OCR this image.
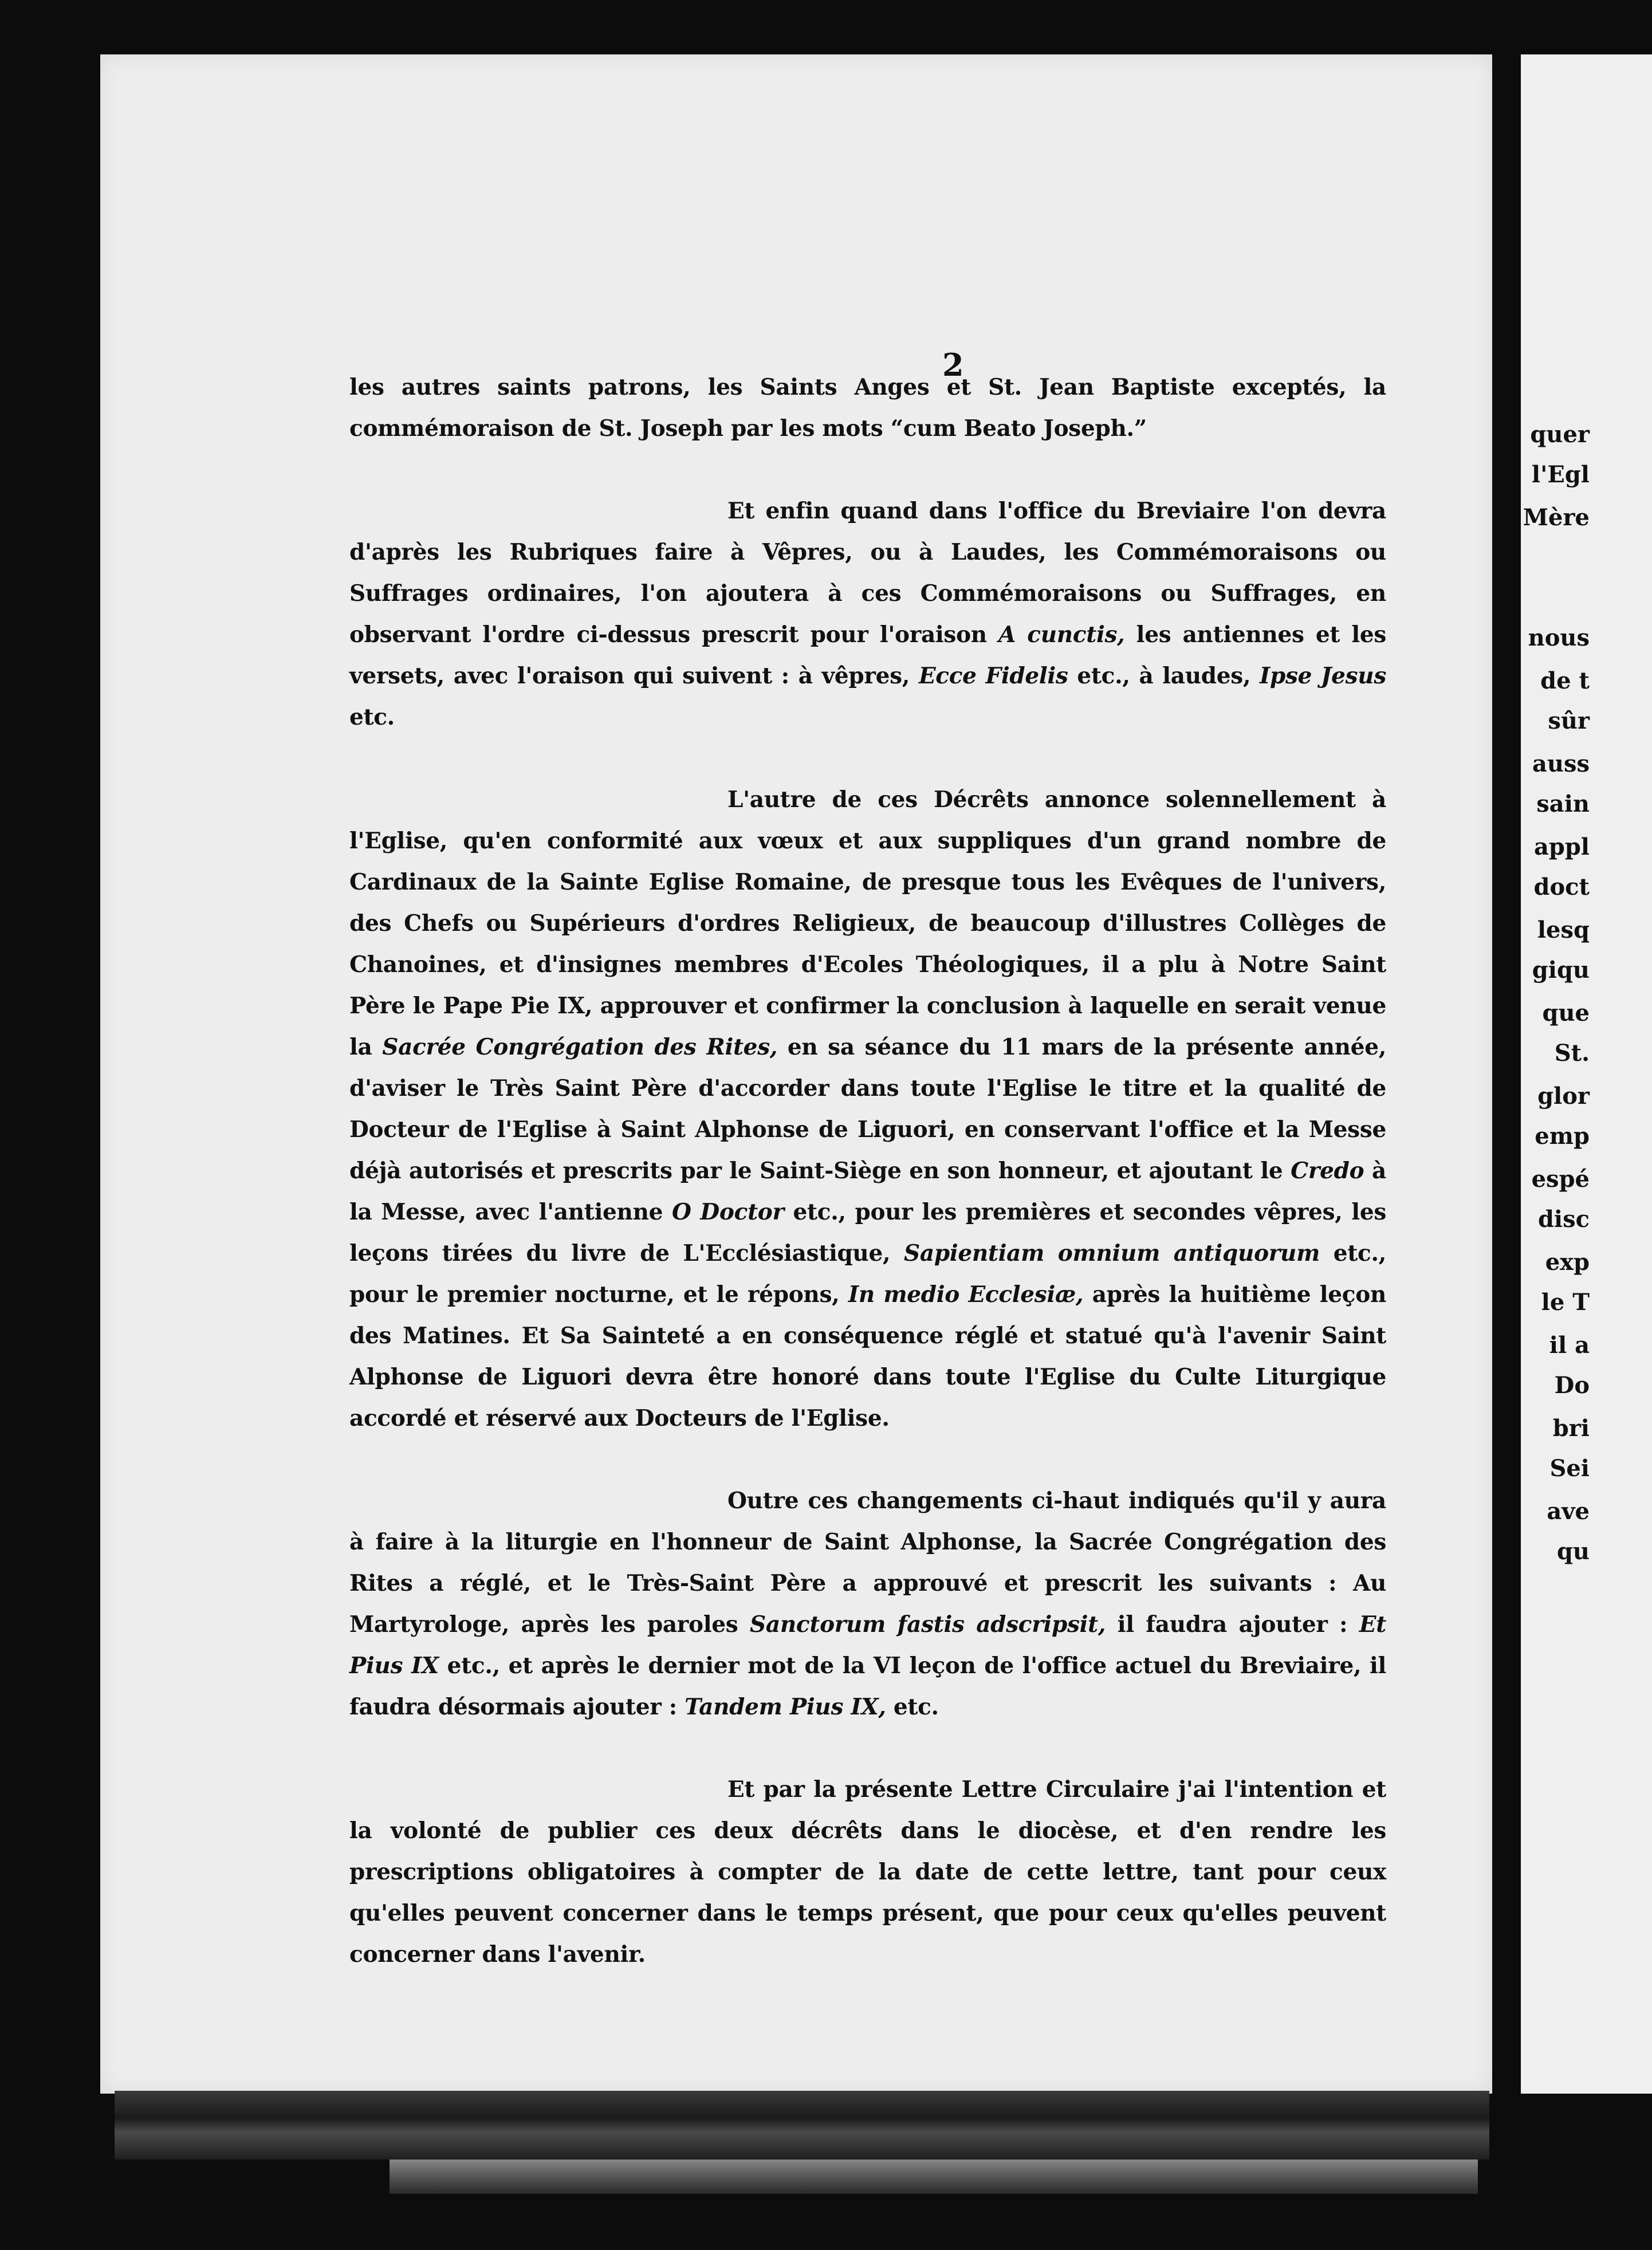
2
quer
l'Egl
Mère
nous
de t
sûr
auss
sain
appl
doct
lesq
giqu
que
St.
glor
emp
espé
disc
exp
le T
il a
Do
bri
Sei
ave
qu

les autres saints patrons, les Saints Anges et St. Jean Baptiste exceptés, la commémoraison de St. Joseph par les mots “cum Beato Joseph.”

Et enfin quand dans l'office du Breviaire l'on devra d'après les Rubriques faire à Vêpres, ou à Laudes, les Commémoraisons ou Suffrages ordinaires, l'on ajoutera à ces Commémoraisons ou Suffrages, en observant l'ordre ci-dessus prescrit pour l'oraison A cunctis, les antiennes et les versets, avec l'oraison qui suivent : à vêpres, Ecce Fidelis etc., à laudes, Ipse Jesus etc.

L'autre de ces Décrêts annonce solennellement à l'Eglise, qu'en conformité aux vœux et aux suppliques d'un grand nombre de Cardinaux de la Sainte Eglise Romaine, de presque tous les Evêques de l'univers, des Chefs ou Supérieurs d'ordres Religieux, de beaucoup d'illustres Collèges de Chanoines, et d'insignes membres d'Ecoles Théologiques, il a plu à Notre Saint Père le Pape Pie IX, approuver et confirmer la conclusion à laquelle en serait venue la Sacrée Congrégation des Rites, en sa séance du 11 mars de la présente année, d'aviser le Très Saint Père d'accorder dans toute l'Eglise le titre et la qualité de Docteur de l'Eglise à Saint Alphonse de Liguori, en conservant l'office et la Messe déjà autorisés et prescrits par le Saint-Siège en son honneur, et ajoutant le Credo à la Messe, avec l'antienne O Doctor etc., pour les premières et secondes vêpres, les leçons tirées du livre de L'Ecclésiastique, Sapientiam omnium antiquorum etc., pour le premier nocturne, et le répons, In medio Ecclesiæ, après la huitième leçon des Matines. Et Sa Sainteté a en conséquence réglé et statué qu'à l'avenir Saint Alphonse de Liguori devra être honoré dans toute l'Eglise du Culte Liturgique accordé et réservé aux Docteurs de l'Eglise.

Outre ces changements ci-haut indiqués qu'il y aura à faire à la liturgie en l'honneur de Saint Alphonse, la Sacrée Congrégation des Rites a réglé, et le Très-Saint Père a approuvé et prescrit les suivants : Au Martyrologe, après les paroles Sanctorum fastis adscripsit, il faudra ajouter : Et Pius IX etc., et après le dernier mot de la VI leçon de l'office actuel du Breviaire, il faudra désormais ajouter : Tandem Pius IX, etc.

Et par la présente Lettre Circulaire j'ai l'intention et la volonté de publier ces deux décrêts dans le diocèse, et d'en rendre les prescriptions obligatoires à compter de la date de cette lettre, tant pour ceux qu'elles peuvent concerner dans le temps présent, que pour ceux qu'elles peuvent concerner dans l'avenir.
